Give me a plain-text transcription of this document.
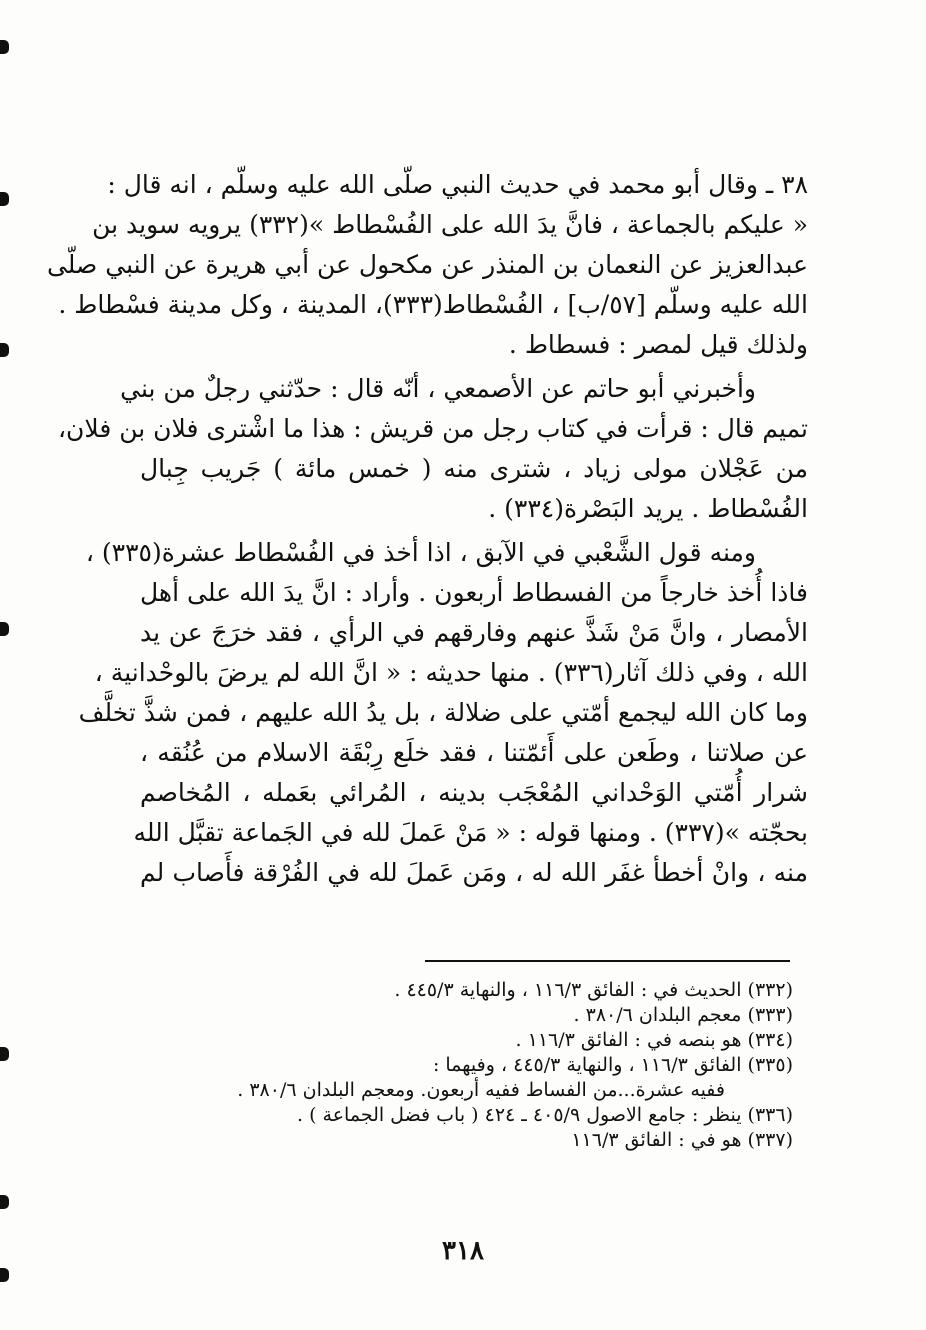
٣٨ ـ وقال أبو محمد في حديث النبي صلّى الله عليه وسلّم ، انه قال :
« عليكم بالجماعة ، فانَّ يدَ الله على الفُسْطاط »(٣٣٢) يرويه سويد بن
عبدالعزيز عن النعمان بن المنذر عن مكحول عن أبي هريرة عن النبي صلّى
الله عليه وسلّم [٥٧/ب] ، الفُسْطاط(٣٣٣)، المدينة ، وكل مدينة فسْطاط .
ولذلك قيل لمصر : فسطاط .
وأخبرني أبو حاتم عن الأصمعي ، أنّه قال : حدّثني رجلٌ من بني
تميم قال : قرأت في كتاب رجل من قريش : هذا ما اشْترى فلان بن فلان،
من عَجْلان مولى زياد ، شترى منه ( خمس مائة ) جَريب جِبال
الفُسْطاط . يريد البَصْرة(٣٣٤) .
ومنه قول الشَّعْبي في الآبق ، اذا أخذ في الفُسْطاط عشرة(٣٣٥) ،
فاذا أُخذ خارجاً من الفسطاط أربعون . وأراد : انَّ يدَ الله على أهل
الأمصار ، وانَّ مَنْ شَذَّ عنهم وفارقهم في الرأي ، فقد خرَجَ عن يد
الله ، وفي ذلك آثار(٣٣٦) . منها حديثه : « انَّ الله لم يرضَ بالوحْدانية ،
وما كان الله ليجمع أمّتي على ضلالة ، بل يدُ الله عليهم ، فمن شذَّ تخلَّف
عن صلاتنا ، وطَعن على أَئمّتنا ، فقد خلَع رِبْقَة الاسلام من عُنُقه ،
شرار أُمّتي الوَحْداني المُعْجَب بدينه ، المُرائي بعَمله ، المُخاصم
بحجّته »(٣٣٧) . ومنها قوله : « مَنْ عَملَ لله في الجَماعة تقبَّل الله
منه ، وانْ أخطأ غفَر الله له ، ومَن عَملَ لله في الفُرْقة فأَصاب لم
(٣٣٢) الحديث في : الفائق ١١٦/٣ ، والنهاية ٤٤٥/٣ .
(٣٣٣) معجم البلدان ٣٨٠/٦ .
(٣٣٤) هو بنصه في : الفائق ١١٦/٣ .
(٣٣٥) الفائق ١١٦/٣ ، والنهاية ٤٤٥/٣ ، وفيهما :
ففيه عشرة...من الفساط ففيه أربعون. ومعجم البلدان ٣٨٠/٦ .
(٣٣٦) ينظر : جامع الاصول ٤٠٥/٩ ـ ٤٢٤ ( باب فضل الجماعة ) .
(٣٣٧) هو في : الفائق ١١٦/٣
٣١٨
